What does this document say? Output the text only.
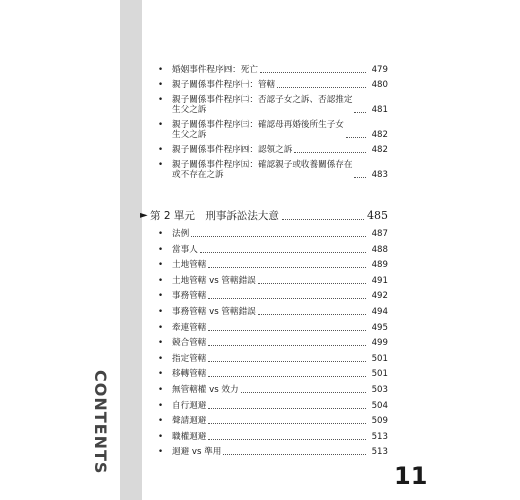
CONTENTS
•	婚姻事件程序㈣：死亡	479
•	親子關係事件程序㈠：管轄	480
•	親子關係事件程序㈡：否認子女之訴、否認推定
生父之訴	481
•	親子關係事件程序㈢：確認母再婚後所生子女
生父之訴	482
•	親子關係事件程序㈣：認領之訴	482
•	親子關係事件程序㈤：確認親子或收養關係存在
或不存在之訴	483
► 第 2 單元　刑事訴訟法大意	485
•	法例	487
•	當事人	488
•	土地管轄	489
•	土地管轄 vs 管轄錯誤	491
•	事務管轄	492
•	事務管轄 vs 管轄錯誤	494
•	牽連管轄	495
•	競合管轄	499
•	指定管轄	501
•	移轉管轄	501
•	無管轄權 vs 效力	503
•	自行迴避	504
•	聲請迴避	509
•	職權迴避	513
•	迴避 vs 準用	513
11
